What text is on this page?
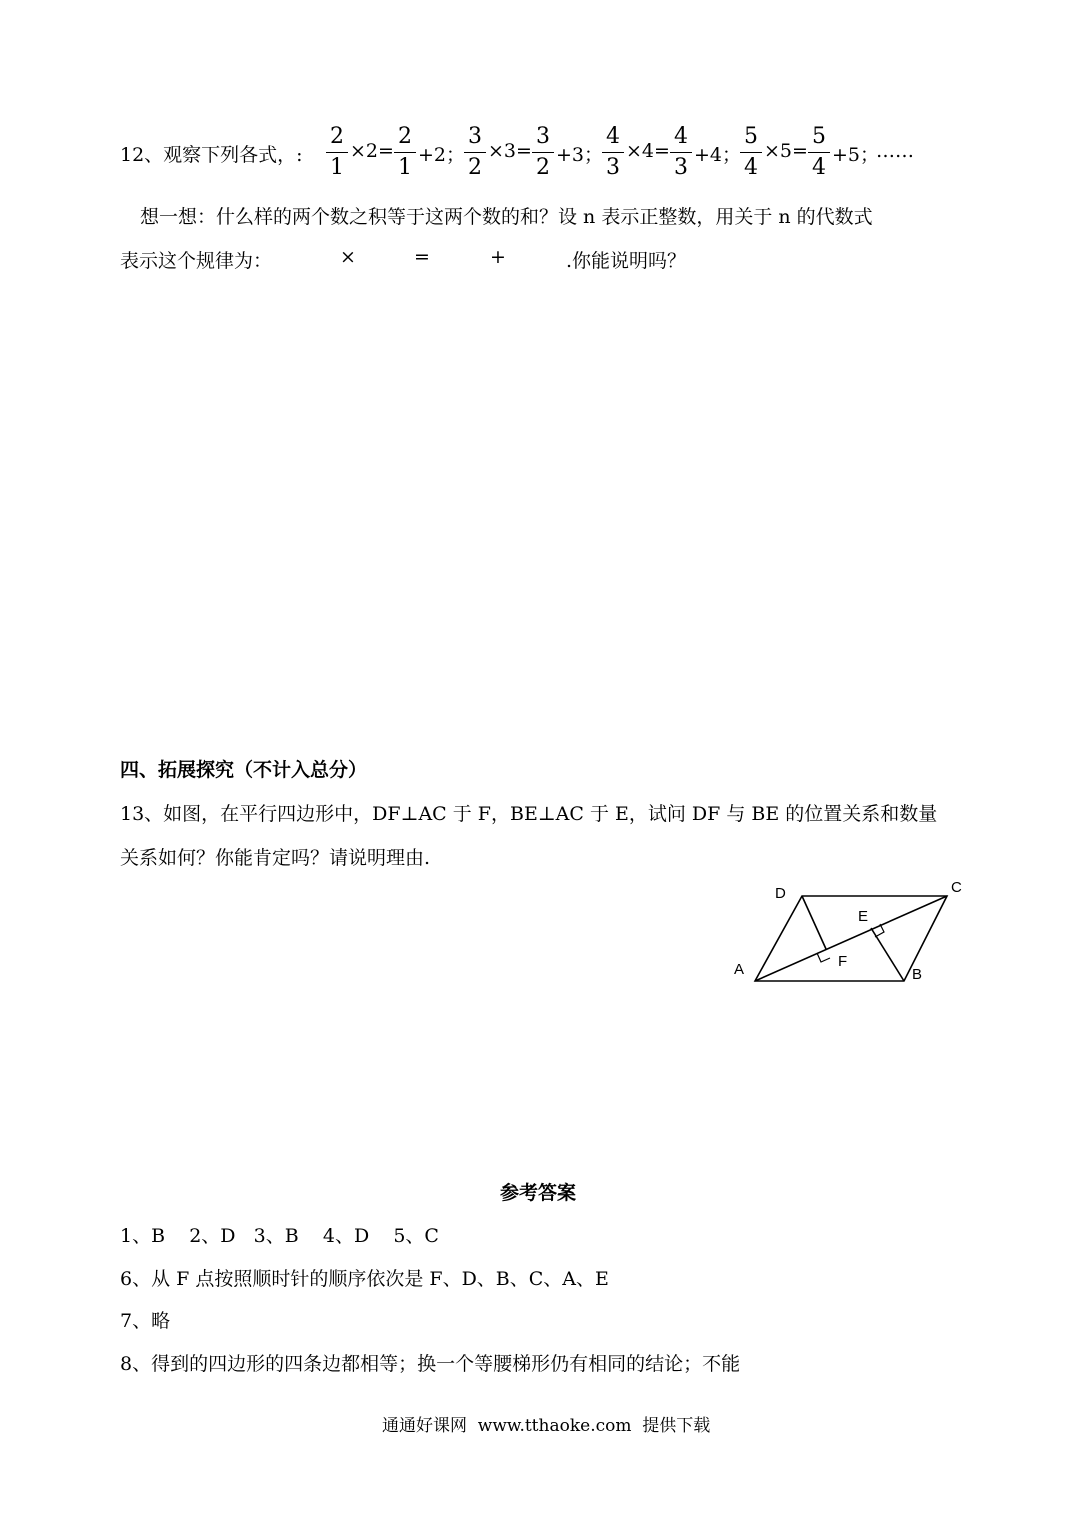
12、观察下列各式，:
2
1
×2=
2
1 +2；
3
2
×3=
3
2 +3；
4
3
×4=
4
3 +4；
5
4
×5=
5
4 +5；
……
想一想：什么样的两个数之积等于这两个数的和？设 n 表示正整数，用关于 n 的代数式
表示这个规律为：	×	=	+	.你能说明吗？
四、拓展探究（不计入总分）
13、如图，在平行四边形中，DF⊥AC 于 F，BE⊥AC 于 E，试问 DF 与 BE 的位置关系和数量
关系如何？你能肯定吗？请说明理由.
D	C
E
F
A	B
参考答案
1、B    2、D   3、B    4、D    5、C
6、从 F 点按照顺时针的顺序依次是 F、D、B、C、A、E
7、略
8、得到的四边形的四条边都相等；换一个等腰梯形仍有相同的结论；不能
通通好课网  www.tthaoke.com  提供下载
